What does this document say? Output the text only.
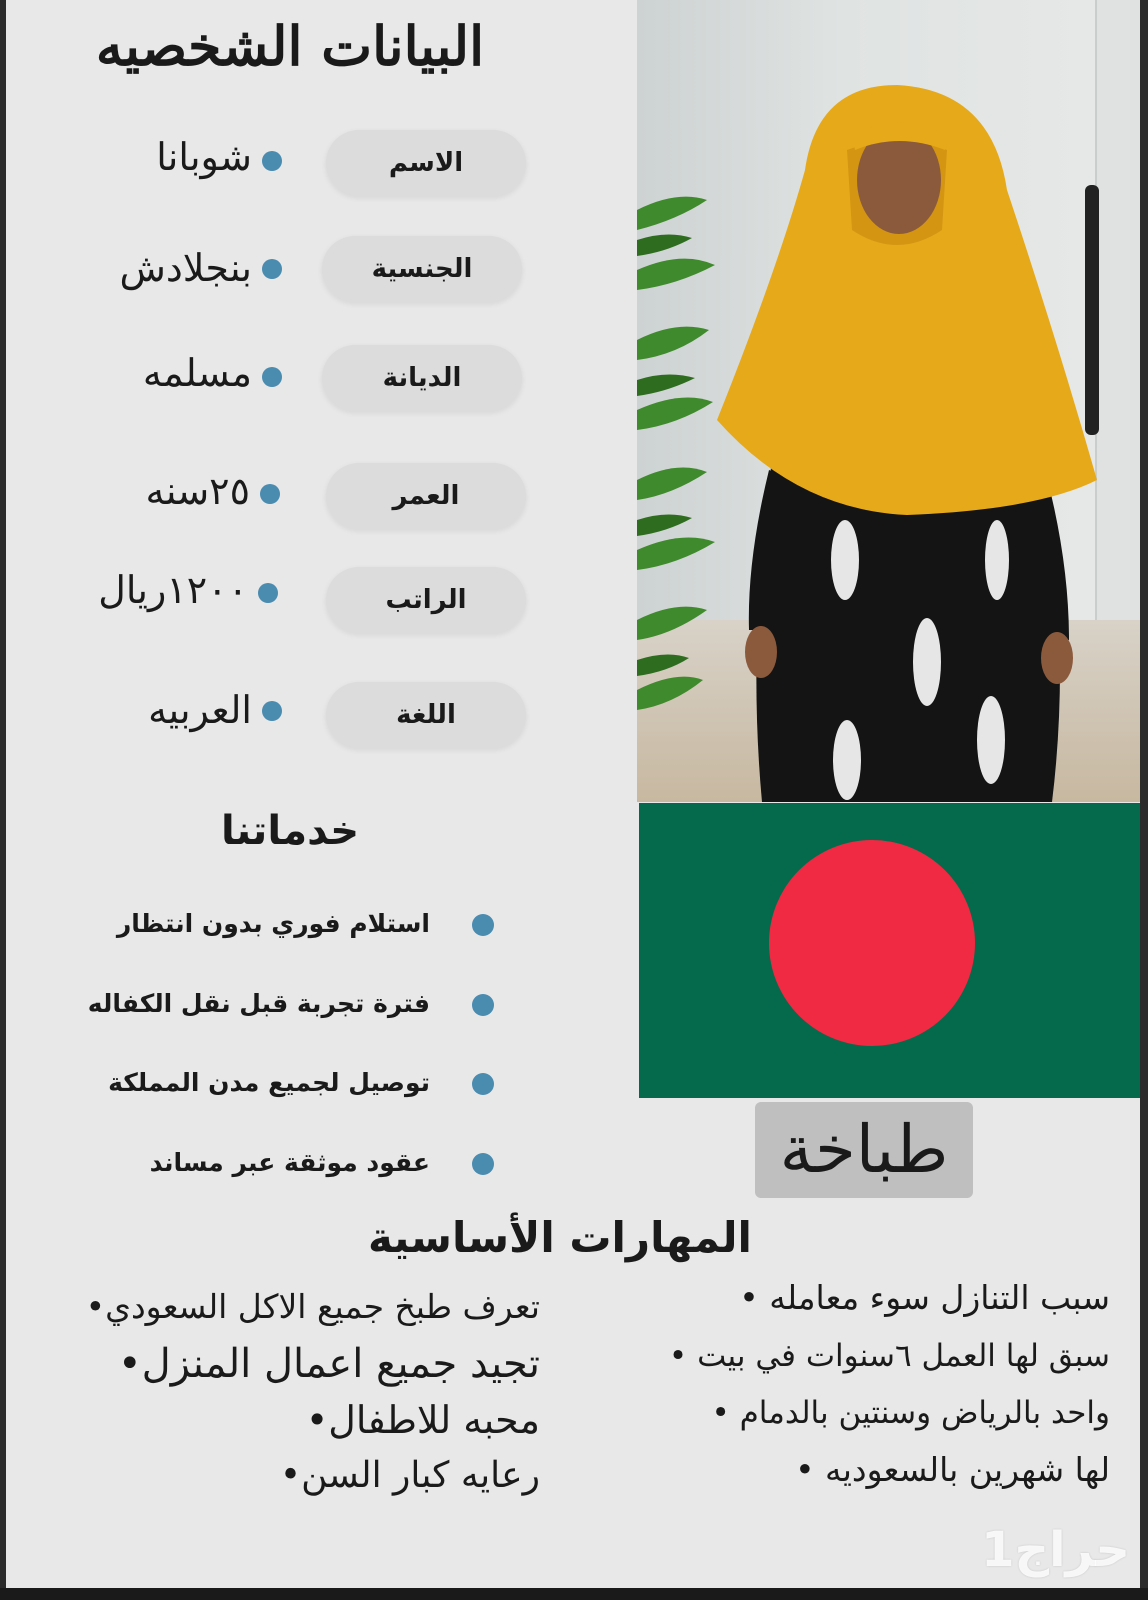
البيانات الشخصيه
الاسم
شوبانا
الجنسية
بنجلادش
الديانة
مسلمه
العمر
٢٥سنه
الراتب
١٢٠٠ريال
اللغة
العربيه
خدماتنا
استلام فوري بدون انتظار
فترة تجربة قبل نقل الكفاله
توصيل لجميع مدن المملكة
عقود موثقة عبر مساند	طباخة
المهارات الأساسية
تعرف طبخ جميع الاكل السعودي •
تجيد جميع اعمال المنزل •
محبه للاطفال •
رعايه كبار السن •
سبب التنازل سوء معامله •
سبق لها العمل ٦سنوات في بيت •
واحد بالرياض وسنتين بالدمام •
لها شهرين بالسعوديه •
حراج1
